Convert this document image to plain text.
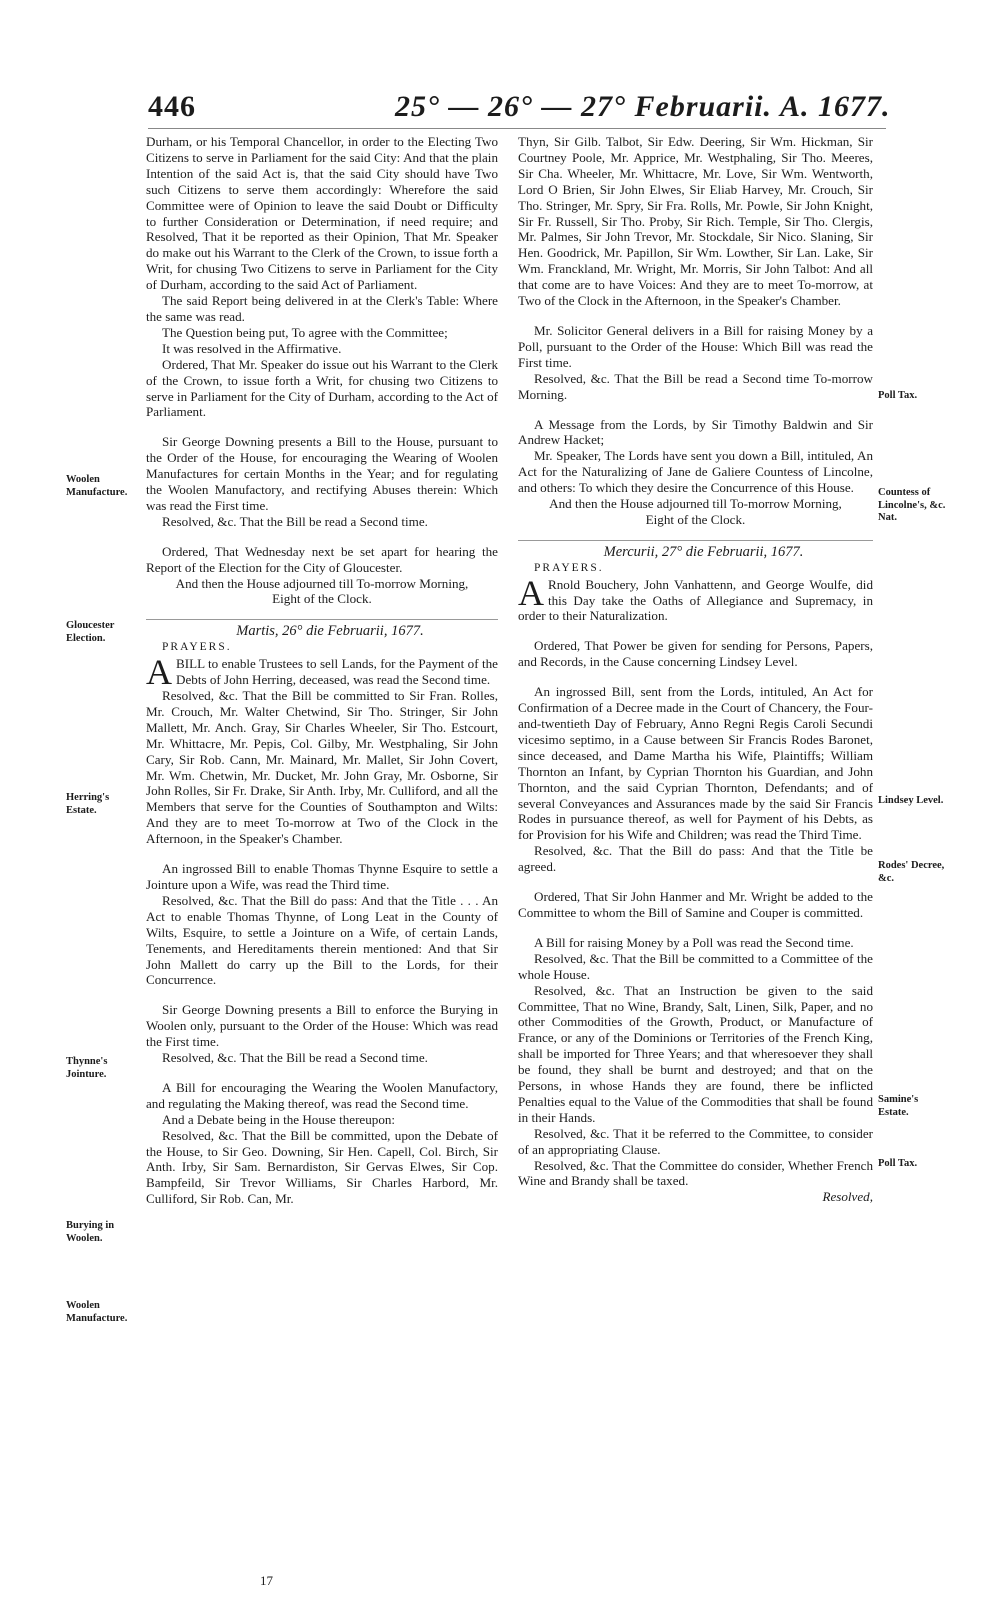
446	25° — 26° — 27° Februarii. A. 1677.

Durham, or his Temporal Chancellor, in order to the Electing Two Citizens to serve in Parliament for the said City: And that the plain Intention of the said Act is, that the said City should have Two such Citizens to serve them accordingly: Wherefore the said Committee were of Opinion to leave the said Doubt or Difficulty to further Consideration or Determination, if need require; and Resolved, That it be reported as their Opinion, That Mr. Speaker do make out his Warrant to the Clerk of the Crown, to issue forth a Writ, for chusing Two Citizens to serve in Parliament for the City of Durham, according to the said Act of Parliament.

The said Report being delivered in at the Clerk's Table: Where the same was read.

The Question being put, To agree with the Committee;

It was resolved in the Affirmative.

Ordered, That Mr. Speaker do issue out his Warrant to the Clerk of the Crown, to issue forth a Writ, for chusing two Citizens to serve in Parliament for the City of Durham, according to the Act of Parliament.

Sir George Downing presents a Bill to the House, pursuant to the Order of the House, for encouraging the Wearing of Woolen Manufactures for certain Months in the Year; and for regulating the Woolen Manufactory, and rectifying Abuses therein: Which was read the First time.

Resolved, &c. That the Bill be read a Second time.

Ordered, That Wednesday next be set apart for hearing the Report of the Election for the City of Gloucester.

And then the House adjourned till To-morrow Morning, Eight of the Clock.

Martis, 26° die Februarii, 1677.

PRAYERS.

ABILL to enable Trustees to sell Lands, for the Payment of the Debts of John Herring, deceased, was read the Second time.

Resolved, &c. That the Bill be committed to Sir Fran. Rolles, Mr. Crouch, Mr. Walter Chetwind, Sir Tho. Stringer, Sir John Mallett, Mr. Anch. Gray, Sir Charles Wheeler, Sir Tho. Estcourt, Mr. Whittacre, Mr. Pepis, Col. Gilby, Mr. Westphaling, Sir John Cary, Sir Rob. Cann, Mr. Mainard, Mr. Mallet, Sir John Covert, Mr. Wm. Chetwin, Mr. Ducket, Mr. John Gray, Mr. Osborne, Sir John Rolles, Sir Fr. Drake, Sir Anth. Irby, Mr. Culliford, and all the Members that serve for the Counties of Southampton and Wilts: And they are to meet To-morrow at Two of the Clock in the Afternoon, in the Speaker's Chamber.

An ingrossed Bill to enable Thomas Thynne Esquire to settle a Jointure upon a Wife, was read the Third time.

Resolved, &c. That the Bill do pass: And that the Title . . . An Act to enable Thomas Thynne, of Long Leat in the County of Wilts, Esquire, to settle a Jointure on a Wife, of certain Lands, Tenements, and Hereditaments therein mentioned: And that Sir John Mallett do carry up the Bill to the Lords, for their Concurrence.

Sir George Downing presents a Bill to enforce the Burying in Woolen only, pursuant to the Order of the House: Which was read the First time.

Resolved, &c. That the Bill be read a Second time.

A Bill for encouraging the Wearing the Woolen Manufactory, and regulating the Making thereof, was read the Second time.

And a Debate being in the House thereupon:

Resolved, &c. That the Bill be committed, upon the Debate of the House, to Sir Geo. Downing, Sir Hen. Capell, Col. Birch, Sir Anth. Irby, Sir Sam. Bernardiston, Sir Gervas Elwes, Sir Cop. Bampfeild, Sir Trevor Williams, Sir Charles Harbord, Mr. Culliford, Sir Rob. Can, Mr.

Thyn, Sir Gilb. Talbot, Sir Edw. Deering, Sir Wm. Hickman, Sir Courtney Poole, Mr. Apprice, Mr. Westphaling, Sir Tho. Meeres, Sir Cha. Wheeler, Mr. Whittacre, Mr. Love, Sir Wm. Wentworth, Lord O Brien, Sir John Elwes, Sir Eliab Harvey, Mr. Crouch, Sir Tho. Stringer, Mr. Spry, Sir Fra. Rolls, Mr. Powle, Sir John Knight, Sir Fr. Russell, Sir Tho. Proby, Sir Rich. Temple, Sir Tho. Clergis, Mr. Palmes, Sir John Trevor, Mr. Stockdale, Sir Nico. Slaning, Sir Hen. Goodrick, Mr. Papillon, Sir Wm. Lowther, Sir Lan. Lake, Sir Wm. Franckland, Mr. Wright, Mr. Morris, Sir John Talbot: And all that come are to have Voices: And they are to meet To-morrow, at Two of the Clock in the Afternoon, in the Speaker's Chamber.

Mr. Solicitor General delivers in a Bill for raising Money by a Poll, pursuant to the Order of the House: Which Bill was read the First time.

Resolved, &c. That the Bill be read a Second time To-morrow Morning.

A Message from the Lords, by Sir Timothy Baldwin and Sir Andrew Hacket;

Mr. Speaker, The Lords have sent you down a Bill, intituled, An Act for the Naturalizing of Jane de Galiere Countess of Lincolne, and others: To which they desire the Concurrence of this House.

And then the House adjourned till To-morrow Morning, Eight of the Clock.

Mercurii, 27° die Februarii, 1677.

PRAYERS.

A Rnold Bouchery, John Vanhattenn, and George Woulfe, did this Day take the Oaths of Allegiance and Supremacy, in order to their Naturalization.

Ordered, That Power be given for sending for Persons, Papers, and Records, in the Cause concerning Lindsey Level.

An ingrossed Bill, sent from the Lords, intituled, An Act for Confirmation of a Decree made in the Court of Chancery, the Four-and-twentieth Day of February, Anno Regni Regis Caroli Secundi vicesimo septimo, in a Cause between Sir Francis Rodes Baronet, since deceased, and Dame Martha his Wife, Plaintiffs; William Thornton an Infant, by Cyprian Thornton his Guardian, and John Thornton, and the said Cyprian Thornton, Defendants; and of several Conveyances and Assurances made by the said Sir Francis Rodes in pursuance thereof, as well for Payment of his Debts, as for Provision for his Wife and Children; was read the Third Time.

Resolved, &c. That the Bill do pass: And that the Title be agreed.

Ordered, That Sir John Hanmer and Mr. Wright be added to the Committee to whom the Bill of Samine and Couper is committed.

A Bill for raising Money by a Poll was read the Second time.

Resolved, &c. That the Bill be committed to a Committee of the whole House.

Resolved, &c. That an Instruction be given to the said Committee, That no Wine, Brandy, Salt, Linen, Silk, Paper, and no other Commodities of the Growth, Product, or Manufacture of France, or any of the Dominions or Territories of the French King, shall be imported for Three Years; and that wheresoever they shall be found, they shall be burnt and destroyed; and that on the Persons, in whose Hands they are found, there be inflicted Penalties equal to the Value of the Commodities that shall be found in their Hands.

Resolved, &c. That it be referred to the Committee, to consider of an appropriating Clause.

Resolved, &c. That the Committee do consider, Whether French Wine and Brandy shall be taxed.

Resolved,

Woolen Manufacture.
Gloucester Election.
Herring's Estate.
Thynne's Jointure.
Burying in Woolen.
Woolen Manufacture.
Poll Tax.
Countess of Lincolne's, &c. Nat.
Lindsey Level.
Rodes' Decree, &c.
Samine's Estate.
Poll Tax.
17
